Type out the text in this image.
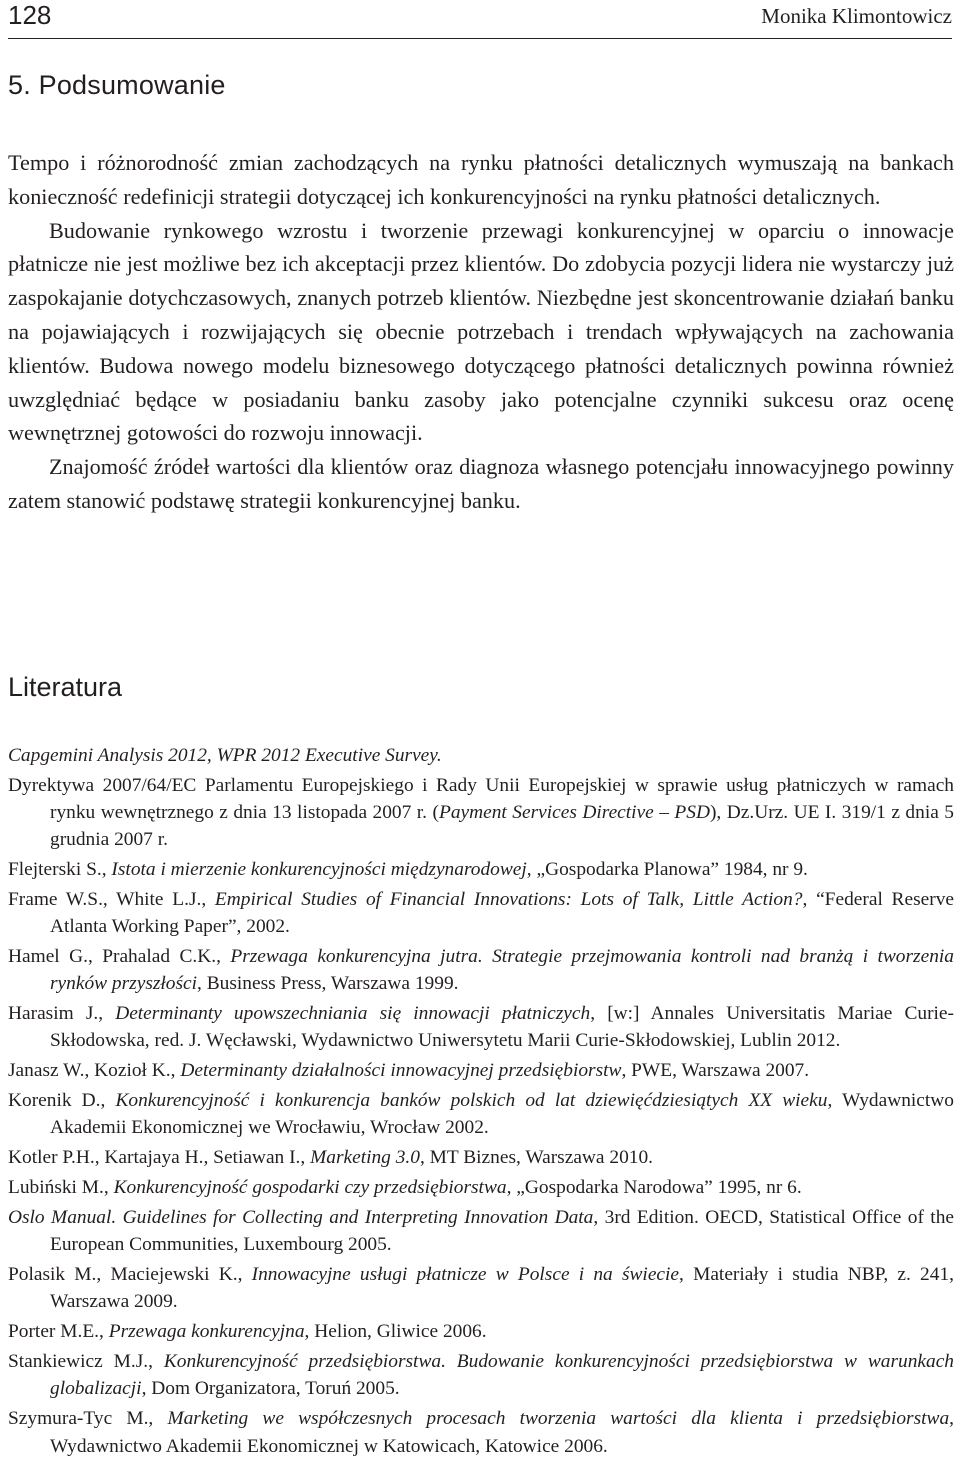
128	Monika Klimontowicz
5. Podsumowanie

Tempo i różnorodność zmian zachodzących na rynku płatności detalicznych wymuszają na bankach konieczność redefinicji strategii dotyczącej ich konkurencyjności na rynku płatności detalicznych.

Budowanie rynkowego wzrostu i tworzenie przewagi konkurencyjnej w oparciu o innowacje płatnicze nie jest możliwe bez ich akceptacji przez klientów. Do zdobycia pozycji lidera nie wystarczy już zaspokajanie dotychczasowych, znanych potrzeb klientów. Niezbędne jest skoncentrowanie działań banku na pojawiających i rozwijających się obecnie potrzebach i trendach wpływających na zachowania klientów. Budowa nowego modelu biznesowego dotyczącego płatności detalicznych powinna również uwzględniać będące w posiadaniu banku zasoby jako potencjalne czynniki sukcesu oraz ocenę wewnętrznej gotowości do rozwoju innowacji.

Znajomość źródeł wartości dla klientów oraz diagnoza własnego potencjału innowacyjnego powinny zatem stanowić podstawę strategii konkurencyjnej banku.

Literatura
Capgemini Analysis 2012, WPR 2012 Executive Survey.
Dyrektywa 2007/64/EC Parlamentu Europejskiego i Rady Unii Europejskiej w sprawie usług płatniczych w ramach rynku wewnętrznego z dnia 13 listopada 2007 r. (Payment Services Directive – PSD), Dz.Urz. UE I. 319/1 z dnia 5 grudnia 2007 r.
Flejterski S., Istota i mierzenie konkurencyjności międzynarodowej, „Gospodarka Planowa” 1984, nr 9.
Frame W.S., White L.J., Empirical Studies of Financial Innovations: Lots of Talk, Little Action?, “Federal Reserve Atlanta Working Paper”, 2002.
Hamel G., Prahalad C.K., Przewaga konkurencyjna jutra. Strategie przejmowania kontroli nad branżą i tworzenia rynków przyszłości, Business Press, Warszawa 1999.
Harasim J., Determinanty upowszechniania się innowacji płatniczych, [w:] Annales Universitatis Mariae Curie-Skłodowska, red. J. Węcławski, Wydawnictwo Uniwersytetu Marii Curie-Skłodowskiej, Lublin 2012.
Janasz W., Kozioł K., Determinanty działalności innowacyjnej przedsiębiorstw, PWE, Warszawa 2007.
Korenik D., Konkurencyjność i konkurencja banków polskich od lat dziewięćdziesiątych XX wieku, Wydawnictwo Akademii Ekonomicznej we Wrocławiu, Wrocław 2002.
Kotler P.H., Kartajaya H., Setiawan I., Marketing 3.0, MT Biznes, Warszawa 2010.
Lubiński M., Konkurencyjność gospodarki czy przedsiębiorstwa, „Gospodarka Narodowa” 1995, nr 6.
Oslo Manual. Guidelines for Collecting and Interpreting Innovation Data, 3rd Edition. OECD, Statistical Office of the European Communities, Luxembourg 2005.
Polasik M., Maciejewski K., Innowacyjne usługi płatnicze w Polsce i na świecie, Materiały i studia NBP, z. 241, Warszawa 2009.
Porter M.E., Przewaga konkurencyjna, Helion, Gliwice 2006.
Stankiewicz M.J., Konkurencyjność przedsiębiorstwa. Budowanie konkurencyjności przedsiębiorstwa w warunkach globalizacji, Dom Organizatora, Toruń 2005.
Szymura-Tyc M., Marketing we współczesnych procesach tworzenia wartości dla klienta i przedsiębiorstwa, Wydawnictwo Akademii Ekonomicznej w Katowicach, Katowice 2006.
